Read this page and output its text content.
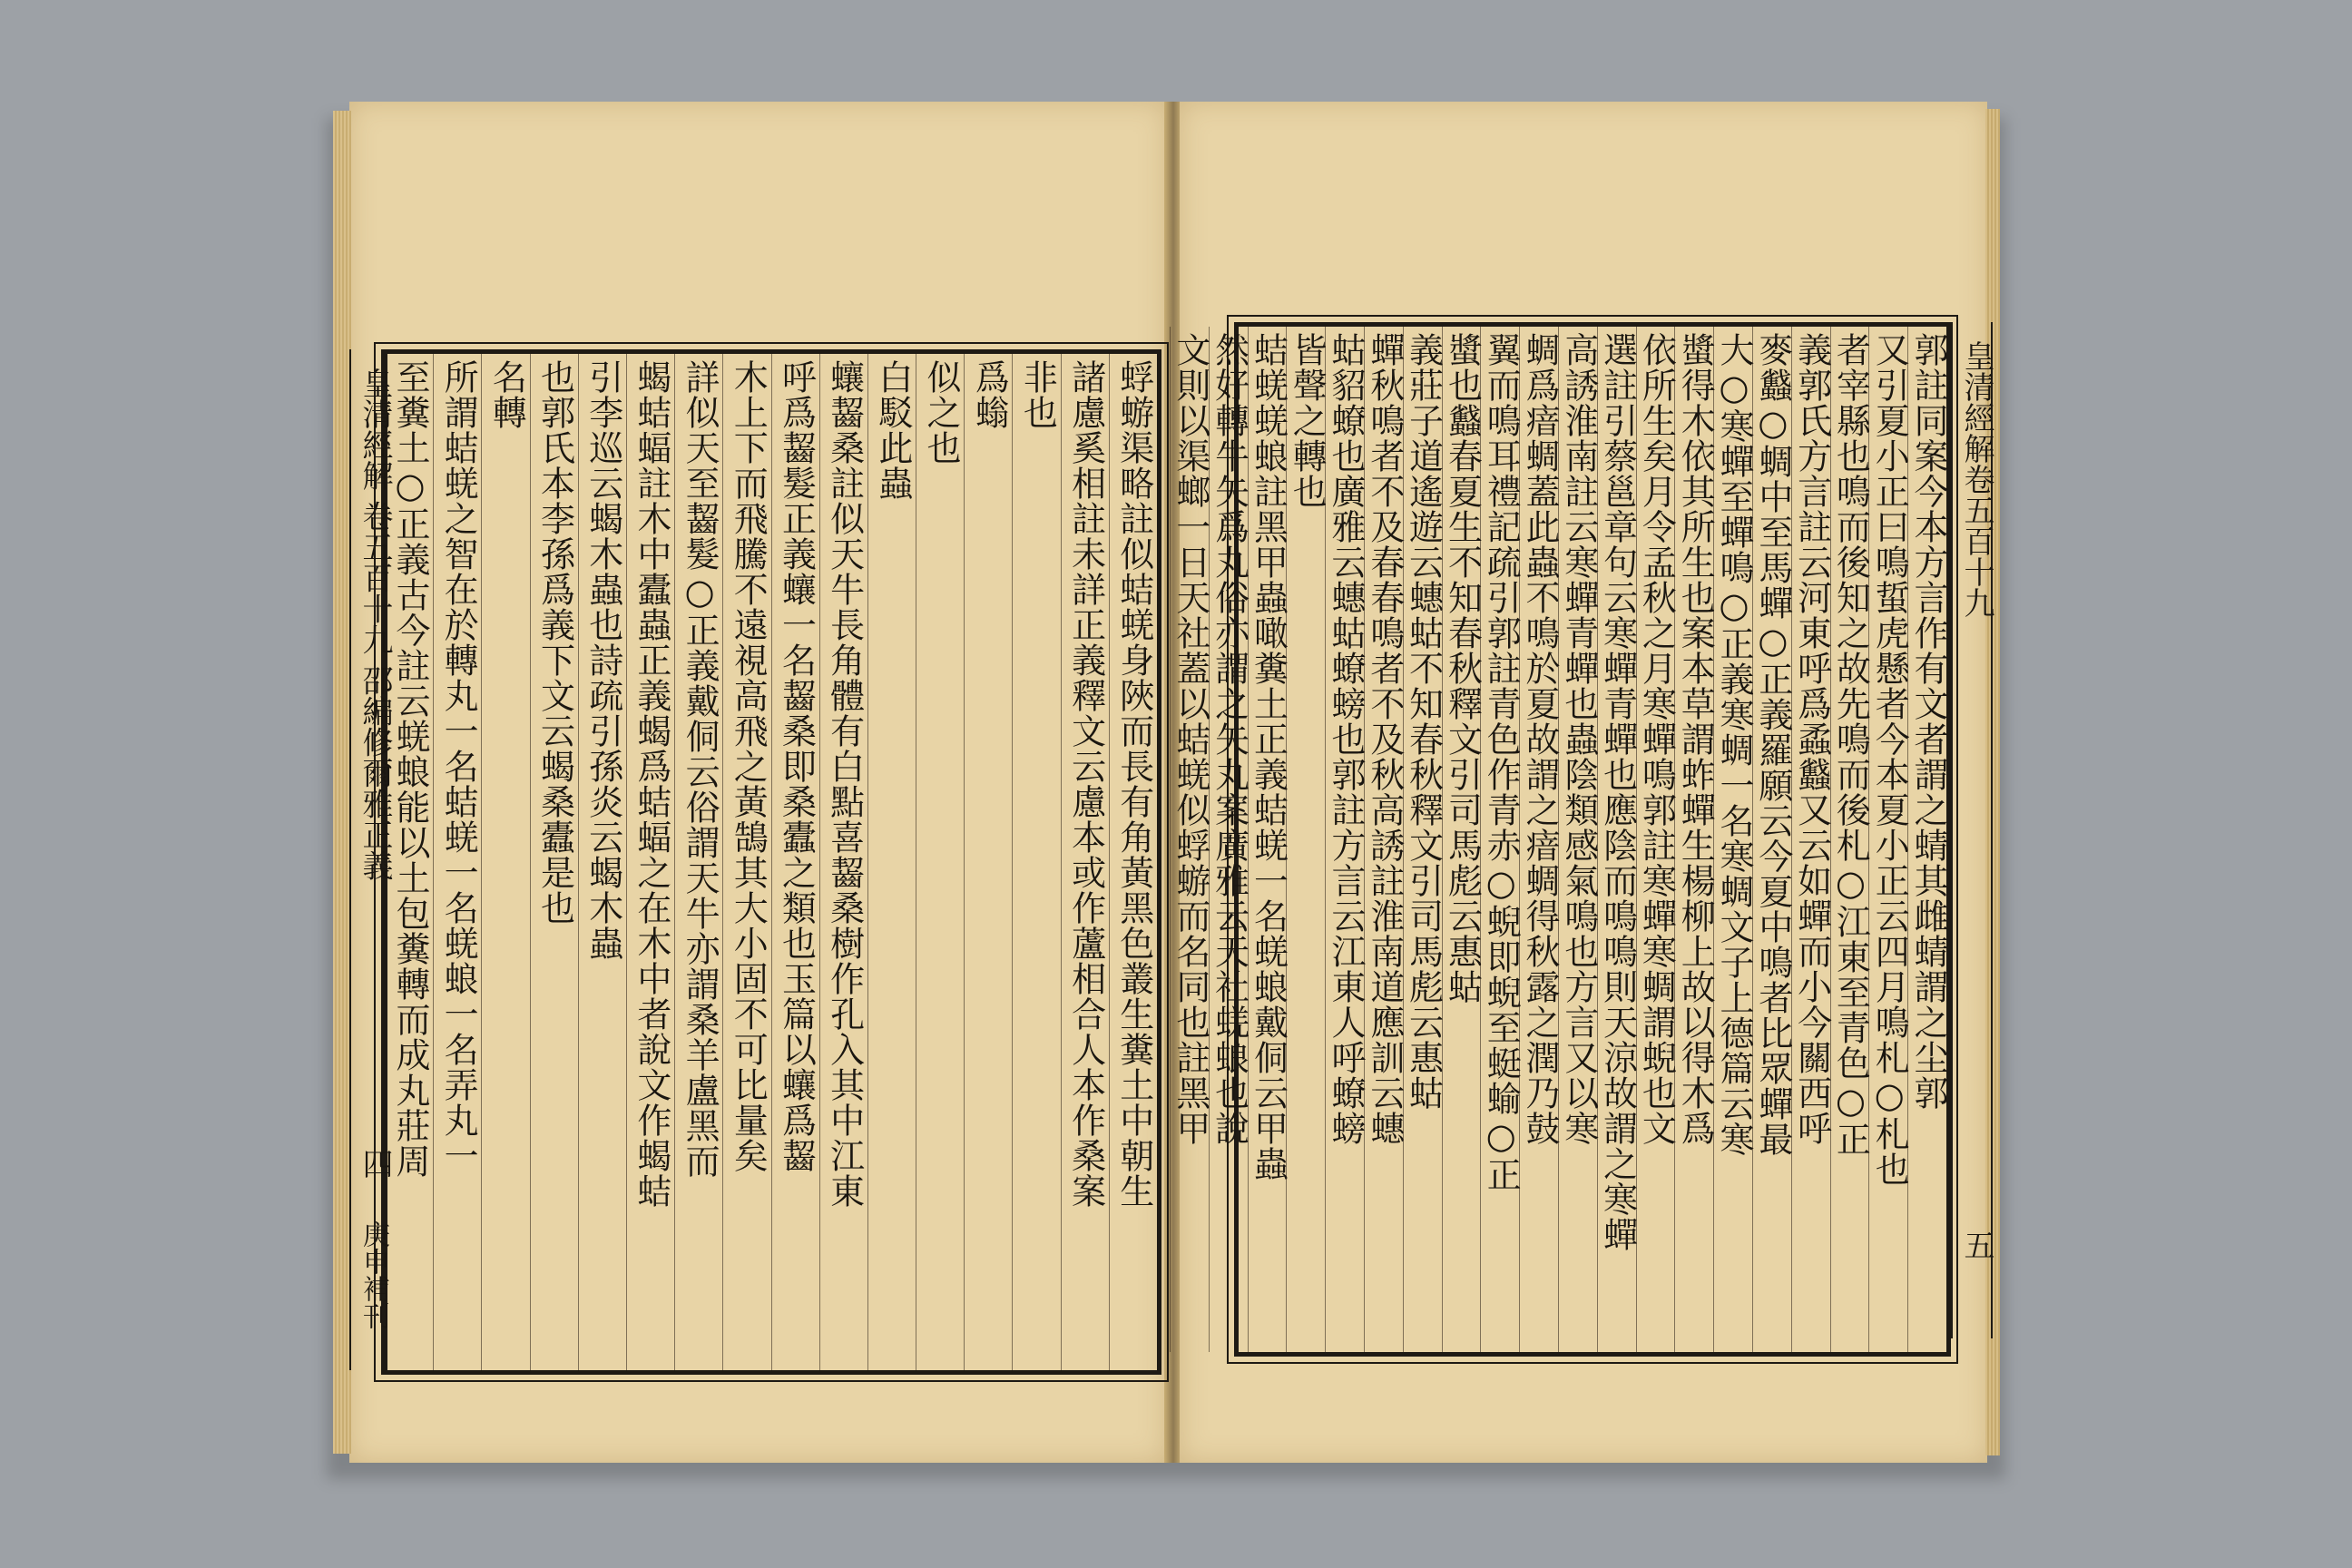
蜉蝣渠略註似蛣蜣身陜而長有角黃黑色叢生糞土中朝生
諸慮奚相註未詳正義釋文云慮本或作蘆相合人本作桑案
非也
爲螉
似之也
白駁此蟲
蠰齧桑註似天牛長角體有白點喜齧桑樹作孔入其中江東
呼爲齧髮正義蠰一名齧桑即桑蠹之類也玉篇以蠰爲齧
木上下而飛騰不遠視高飛之黃鵠其大小固不可比量矣
詳似天至齧髮○正義戴侗云俗謂天牛亦謂桑羊盧黑而
蝎蛣蝠註木中蠹蟲正義蝎爲蛣蝠之在木中者說文作蝎蛣
引李巡云蝎木蟲也詩疏引孫炎云蝎木蟲
也郭氏本李孫爲義下文云蝎桑蠹是也
名轉
所謂蛣蜣之智在於轉丸一名蛣蜣一名蜣蜋一名弄丸一
至糞土○正義古今註云蜣蜋能以土包糞轉而成丸莊周
皇清經解 卷五百十九 邵編修爾雅正義
四
庚申補刊
郭註同案今本方言作有文者謂之蜻其雌蜻謂之尘郭
又引夏小正曰鳴蜇虎懸者今本夏小正云四月鳴札○札也
者宰縣也鳴而後知之故先鳴而後札○江東至青色○正
義郭氏方言註云河東呼爲蟊蠽又云如蟬而小今關西呼
麥蠽○蜩中至馬蟬○正義羅願云今夏中鳴者比眾蟬最
大○寒蟬至蟬鳴○正義寒蜩一名寒蜩文子上德篇云寒
螿得木依其所生也案本草謂蚱蟬生楊柳上故以得木爲
依所生矣月令孟秋之月寒蟬鳴郭註寒蟬寒蜩謂蜺也文
選註引蔡邕章句云寒蟬青蟬也應陰而鳴鳴則天涼故謂之寒蟬
高誘淮南註云寒蟬青蟬也蟲陰類感氣鳴也方言又以寒
蜩爲瘖蜩蓋此蟲不鳴於夏故謂之瘖蜩得秋露之潤乃鼓
翼而鳴耳禮記疏引郭註青色作青赤○蜺即蜺至蜓蝓○正
螿也蠽春夏生不知春秋釋文引司馬彪云惠蛄
義莊子道遙遊云蟪蛄不知春秋釋文引司馬彪云惠蛄
蟬秋鳴者不及春春鳴者不及秋高誘註淮南道應訓云蟪
蛄貂蟟也廣雅云蟪蛄蟟螃也郭註方言云江東人呼蟟螃
皆聲之轉也
蛣蜣蜣蜋註黑甲蟲噉糞土正義蛣蜣一名蜣蜋戴侗云甲蟲
然好轉牛矢爲丸俗亦謂之矢丸案廣雅云天社蜣蜋也說
文則以渠螂一日天社蓋以蛣蜣似蜉蝣而名同也註黑甲	皇清經解卷五百十九
五
